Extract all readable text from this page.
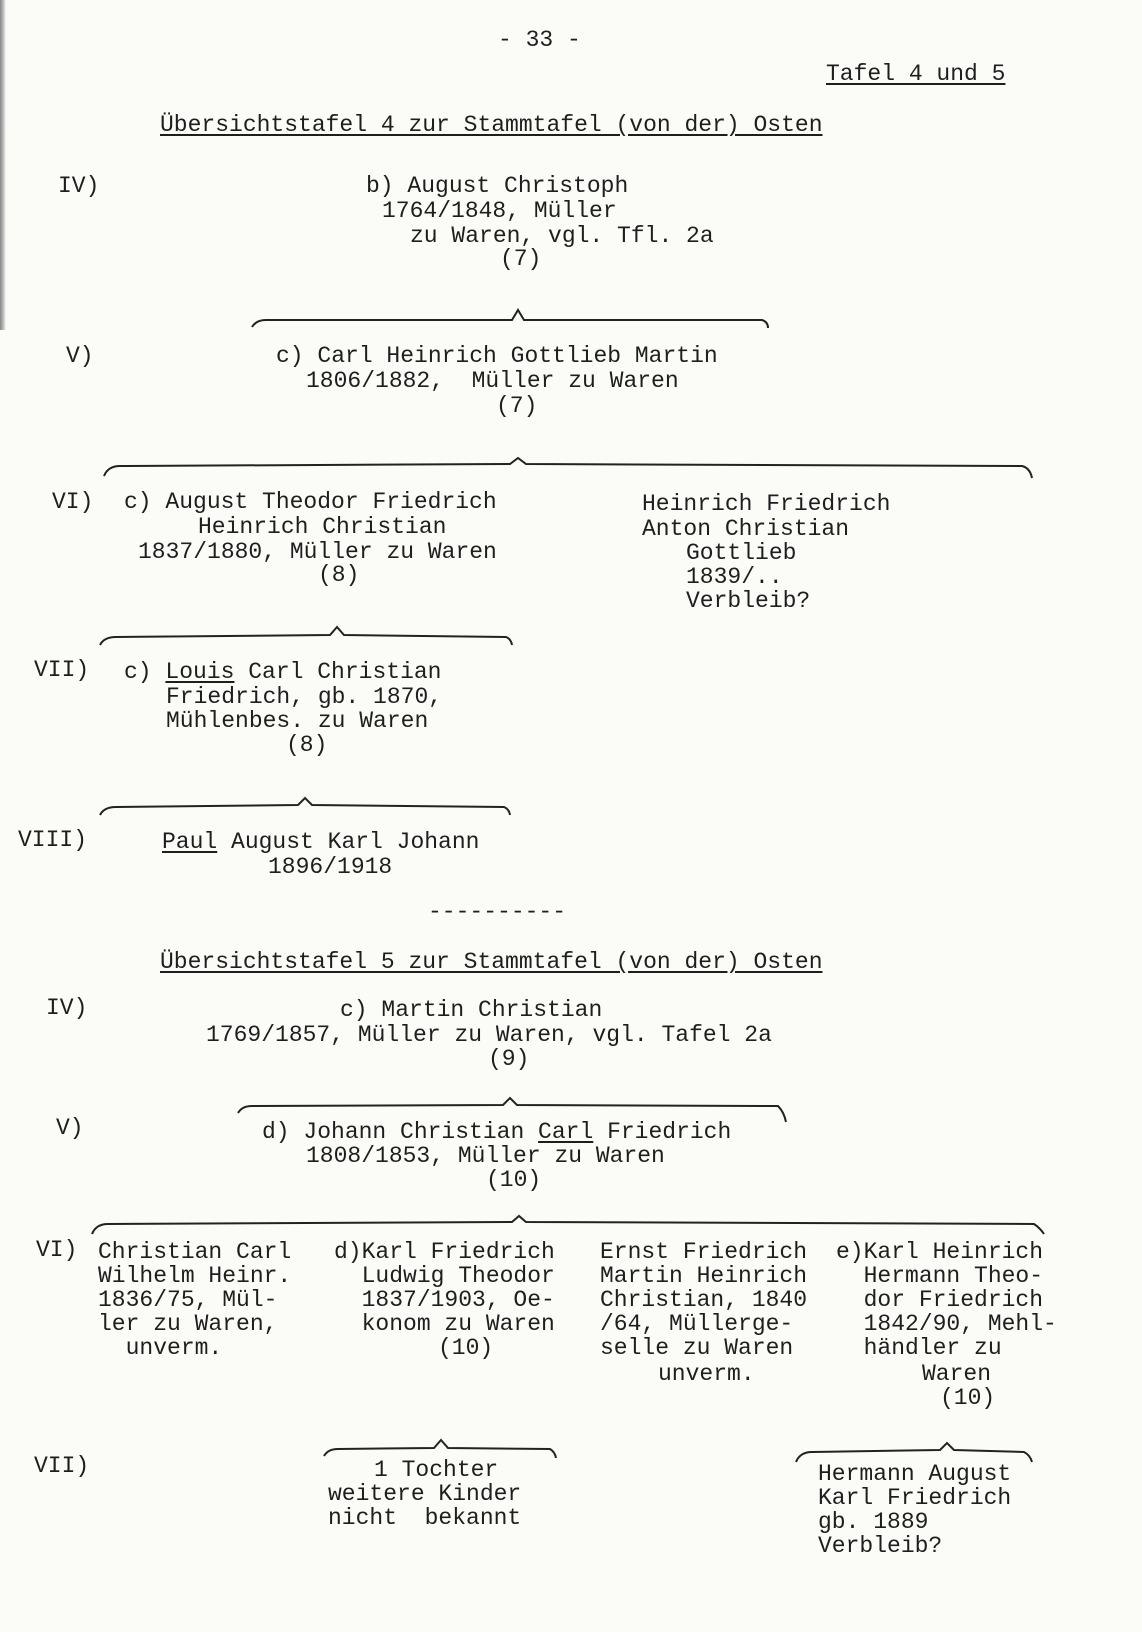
- 33 -
Tafel 4 und 5
Übersichtstafel 4 zur Stammtafel (von der) Osten
IV)	b) August Christoph
1764/1848, Müller
zu Waren, vgl. Tfl. 2a
(7)
V)	c) Carl Heinrich Gottlieb Martin
1806/1882,  Müller zu Waren
(7)
VI) c) August Theodor Friedrich
Heinrich Christian
1837/1880, Müller zu Waren
(8)
Heinrich Friedrich
Anton Christian
Gottlieb
1839/..
Verbleib?
VII) c) Louis Carl Christian
Friedrich, gb. 1870,
Mühlenbes. zu Waren
(8)
VIII)	Paul August Karl Johann
1896/1918
----------
Übersichtstafel 5 zur Stammtafel (von der) Osten
IV)	c) Martin Christian
1769/1857, Müller zu Waren, vgl. Tafel 2a
(9)
V)	d) Johann Christian Carl Friedrich
1808/1853, Müller zu Waren
(10)
VI) Christian Carl
Wilhelm Heinr.
1836/75, Mül-
ler zu Waren,
unverm.
d)Karl Friedrich
Ludwig Theodor
1837/1903, Oe-
konom zu Waren
(10)
Ernst Friedrich
Martin Heinrich
Christian, 1840
/64, Müllerge-
selle zu Waren
unverm.
e)Karl Heinrich
Hermann Theo-
dor Friedrich
1842/90, Mehl-
händler zu
Waren
(10)
VII)	1 Tochter
weitere Kinder
nicht  bekannt
Hermann August
Karl Friedrich
gb. 1889
Verbleib?
